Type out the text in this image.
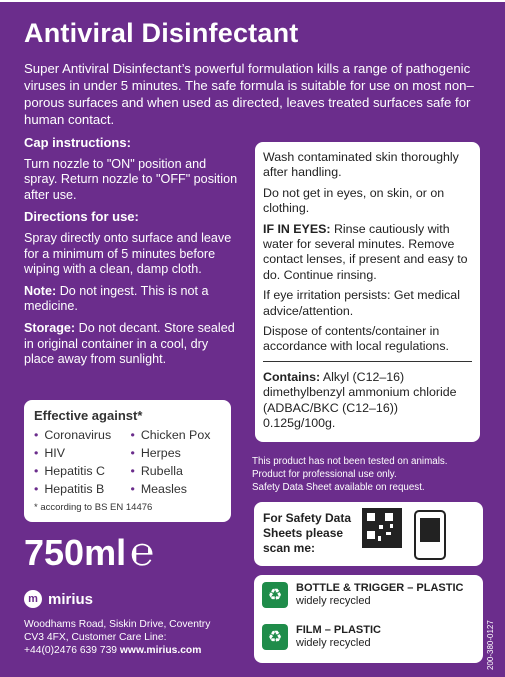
Antiviral Disinfectant
Super Antiviral Disinfectant’s powerful formulation kills a range of pathogenic viruses in under 5 minutes. The safe formula is suitable for use on most non–porous surfaces and when used as directed, leaves treated surfaces safe for human contact.
Cap instructions:

Turn nozzle to "ON" position and spray. Return nozzle to "OFF" position after use.

Directions for use:

Spray directly onto surface and leave for a minimum of 5 minutes before wiping with a clean, damp cloth.

Note: Do not ingest. This is not a medicine.

Storage: Do not decant. Store sealed in original container in a cool, dry place away from sunlight.

Wash contaminated skin thoroughly after handling.

Do not get in eyes, on skin, or on clothing.

IF IN EYES: Rinse cautiously with water for several minutes. Remove contact lenses, if present and easy to do. Continue rinsing.

If eye irritation persists: Get medical advice/attention.

Dispose of contents/container in accordance with local regulations.

Contains: Alkyl (C12–16) dimethylbenzyl ammonium chloride (ADBAC/BKC (C12–16)) 0.125g/100g.

Effective against*
• Coronavirus	• Chicken Pox
• HIV	• Herpes
• Hepatitis C	• Rubella
• Hepatitis B	• Measles
* according to BS EN 14476
750ml ℮
m mirius
Woodhams Road, Siskin Drive, Coventry
CV3 4FX, Customer Care Line:
+44(0)2476 639 739 www.mirius.com
This product has not been tested on animals.
Product for professional use only.
Safety Data Sheet available on request.
For Safety Data Sheets please scan me:
♻	BOTTLE & TRIGGER – PLASTIC
widely recycled
♻	FILM – PLASTIC
widely recycled	200-380-0127
